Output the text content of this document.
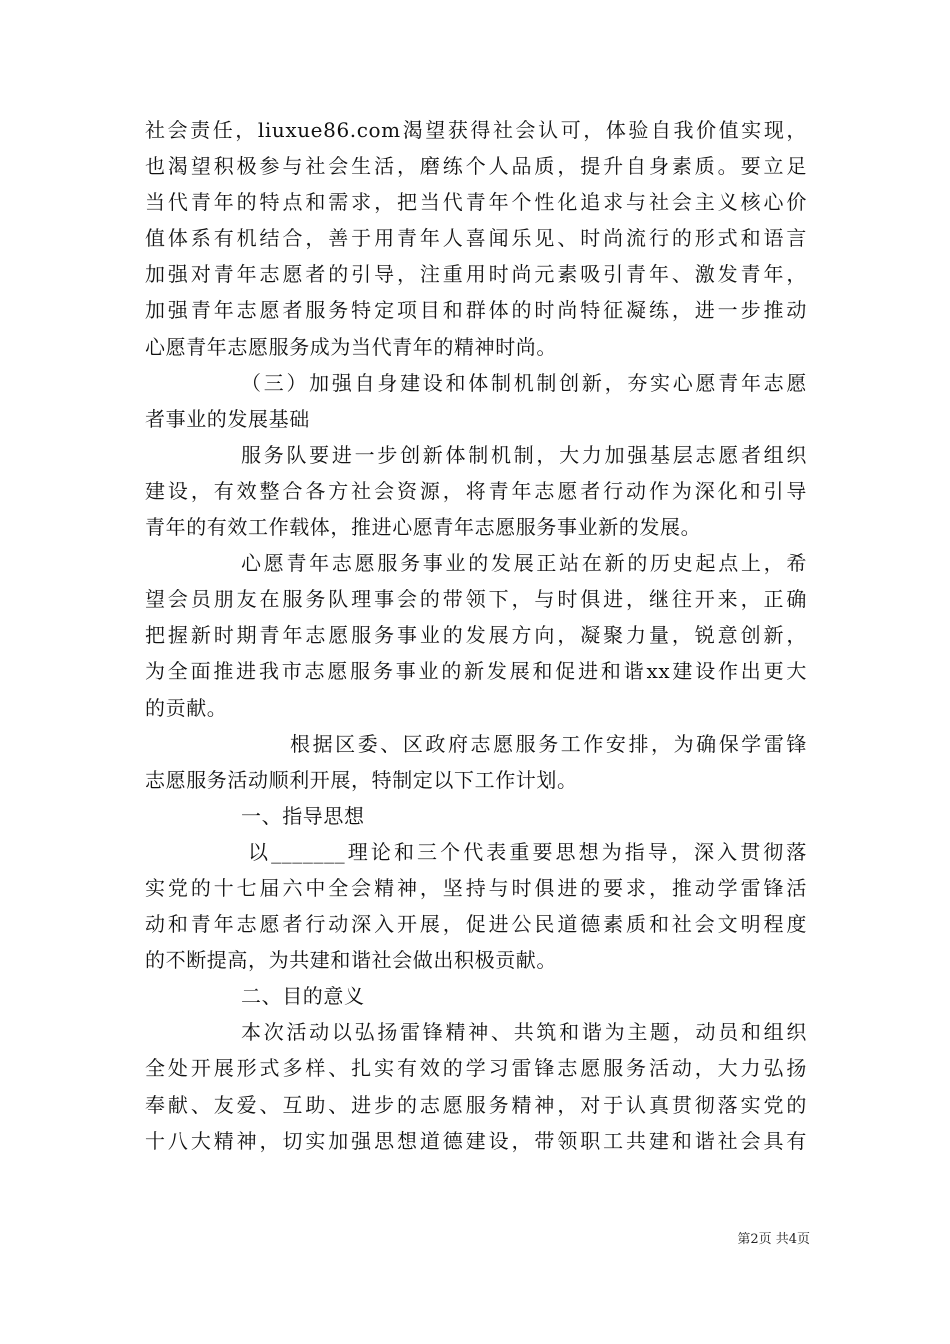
社会责任，liuxue86.com渴望获得社会认可，体验自我价值实现，
也渴望积极参与社会生活，磨练个人品质，提升自身素质。要立足
当代青年的特点和需求，把当代青年个性化追求与社会主义核心价
值体系有机结合，善于用青年人喜闻乐见、时尚流行的形式和语言
加强对青年志愿者的引导，注重用时尚元素吸引青年、激发青年，
加强青年志愿者服务特定项目和群体的时尚特征凝练，进一步推动
心愿青年志愿服务成为当代青年的精神时尚。
（三）加强自身建设和体制机制创新，夯实心愿青年志愿
者事业的发展基础
服务队要进一步创新体制机制，大力加强基层志愿者组织
建设，有效整合各方社会资源，将青年志愿者行动作为深化和引导
青年的有效工作载体，推进心愿青年志愿服务事业新的发展。
心愿青年志愿服务事业的发展正站在新的历史起点上，希
望会员朋友在服务队理事会的带领下，与时俱进，继往开来，正确
把握新时期青年志愿服务事业的发展方向，凝聚力量，锐意创新，
为全面推进我市志愿服务事业的新发展和促进和谐xx建设作出更大
的贡献。
根据区委、区政府志愿服务工作安排，为确保学雷锋
志愿服务活动顺利开展，特制定以下工作计划。
一、指导思想
以_______理论和三个代表重要思想为指导，深入贯彻落
实党的十七届六中全会精神，坚持与时俱进的要求，推动学雷锋活
动和青年志愿者行动深入开展，促进公民道德素质和社会文明程度
的不断提高，为共建和谐社会做出积极贡献。
二、目的意义
本次活动以弘扬雷锋精神、共筑和谐为主题，动员和组织
全处开展形式多样、扎实有效的学习雷锋志愿服务活动，大力弘扬
奉献、友爱、互助、进步的志愿服务精神，对于认真贯彻落实党的
十八大精神，切实加强思想道德建设，带领职工共建和谐社会具有
第2页 共4页
